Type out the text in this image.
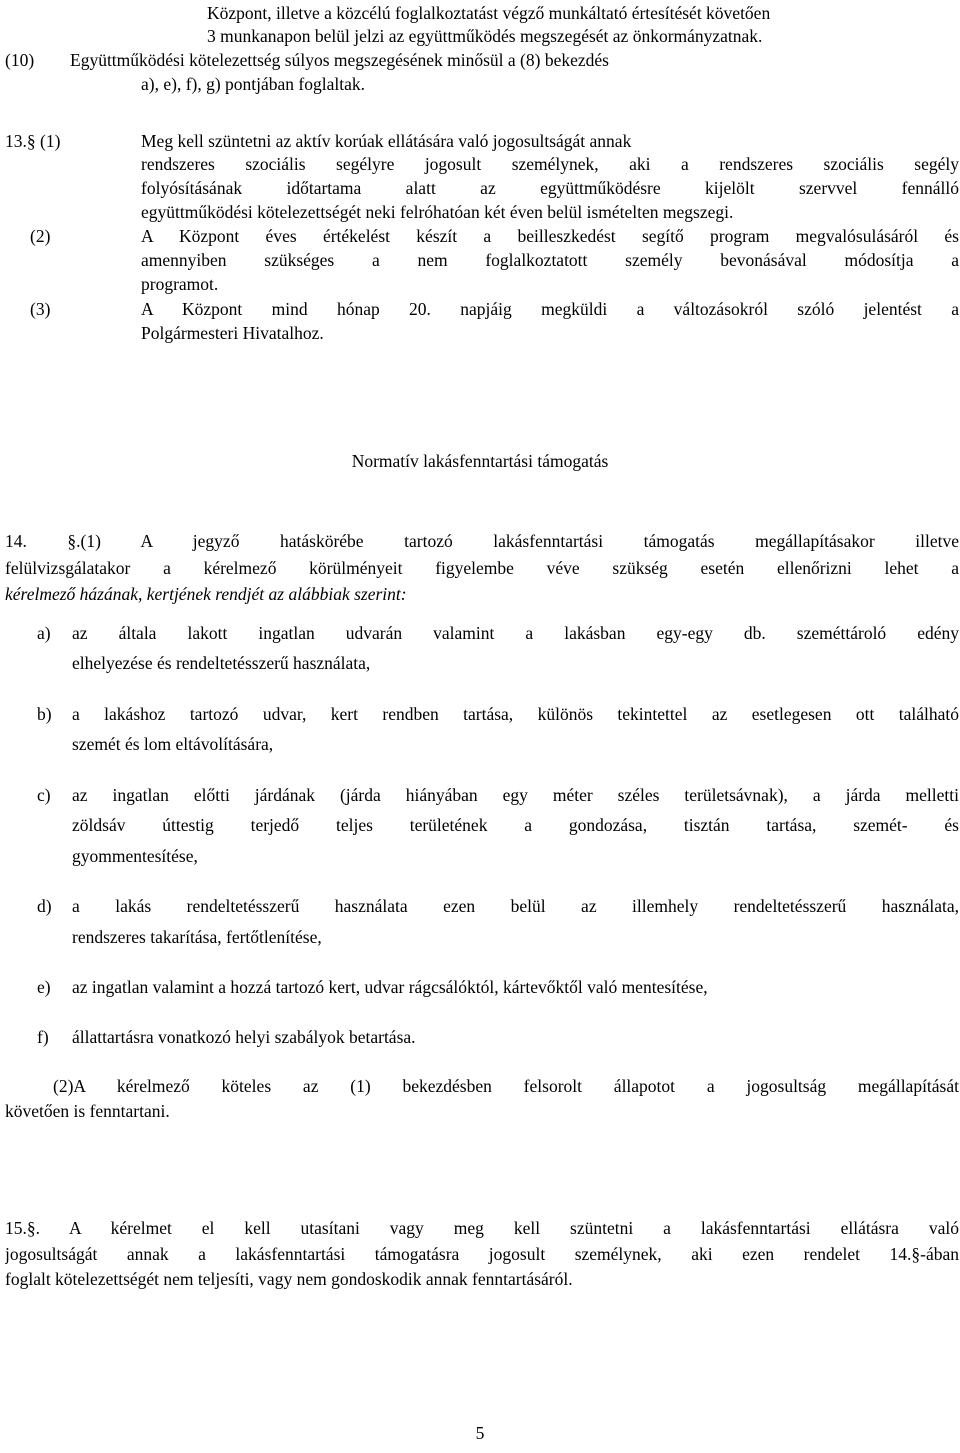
Központ, illetve a közcélú foglalkoztatást végző munkáltató értesítését követően
3 munkanapon belül jelzi az együttműködés megszegését az önkormányzatnak.
(10) Együttműködési kötelezettség súlyos megszegésének minősül a (8) bekezdés
a), e), f), g) pontjában foglaltak.
13.§ (1)	Meg kell szüntetni az aktív korúak ellátására való jogosultságát annak
rendszeres szociális segélyre jogosult személynek, aki a rendszeres szociális segély
folyósításának időtartama alatt az együttműködésre kijelölt szervvel fennálló
együttműködési kötelezettségét neki felróhatóan két éven belül ismételten megszegi.
(2)	A Központ éves értékelést készít a beilleszkedést segítő program megvalósulásáról és
amennyiben szükséges a nem foglalkoztatott személy bevonásával módosítja a
programot.
(3)	A Központ mind hónap 20. napjáig megküldi a változásokról szóló jelentést a
Polgármesteri Hivatalhoz.
Normatív lakásfenntartási támogatás
14. §.(1) A jegyző hatáskörébe tartozó lakásfenntartási támogatás megállapításakor illetve
felülvizsgálatakor a kérelmező körülményeit figyelembe véve szükség esetén ellenőrizni lehet a
kérelmező házának, kertjének rendjét az alábbiak szerint:
a) az általa lakott ingatlan udvarán valamint a lakásban egy-egy db. szeméttároló edény
elhelyezése és rendeltetésszerű használata,
b) a lakáshoz tartozó udvar, kert rendben tartása, különös tekintettel az esetlegesen ott található
szemét és lom eltávolítására,
c) az ingatlan előtti járdának (járda hiányában egy méter széles területsávnak), a járda melletti
zöldsáv úttestig terjedő teljes területének a gondozása, tisztán tartása, szemét- és
gyommentesítése,
d) a lakás rendeltetésszerű használata ezen belül az illemhely rendeltetésszerű használata,
rendszeres takarítása, fertőtlenítése,
e) az ingatlan valamint a hozzá tartozó kert, udvar rágcsálóktól, kártevőktől való mentesítése,
f) állattartásra vonatkozó helyi szabályok betartása.
(2)A kérelmező köteles az (1) bekezdésben felsorolt állapotot a jogosultság megállapítását
követően is fenntartani.
15.§. A kérelmet el kell utasítani vagy meg kell szüntetni a lakásfenntartási ellátásra való
jogosultságát annak a lakásfenntartási támogatásra jogosult személynek, aki ezen rendelet 14.§-ában
foglalt kötelezettségét nem teljesíti, vagy nem gondoskodik annak fenntartásáról.
5
